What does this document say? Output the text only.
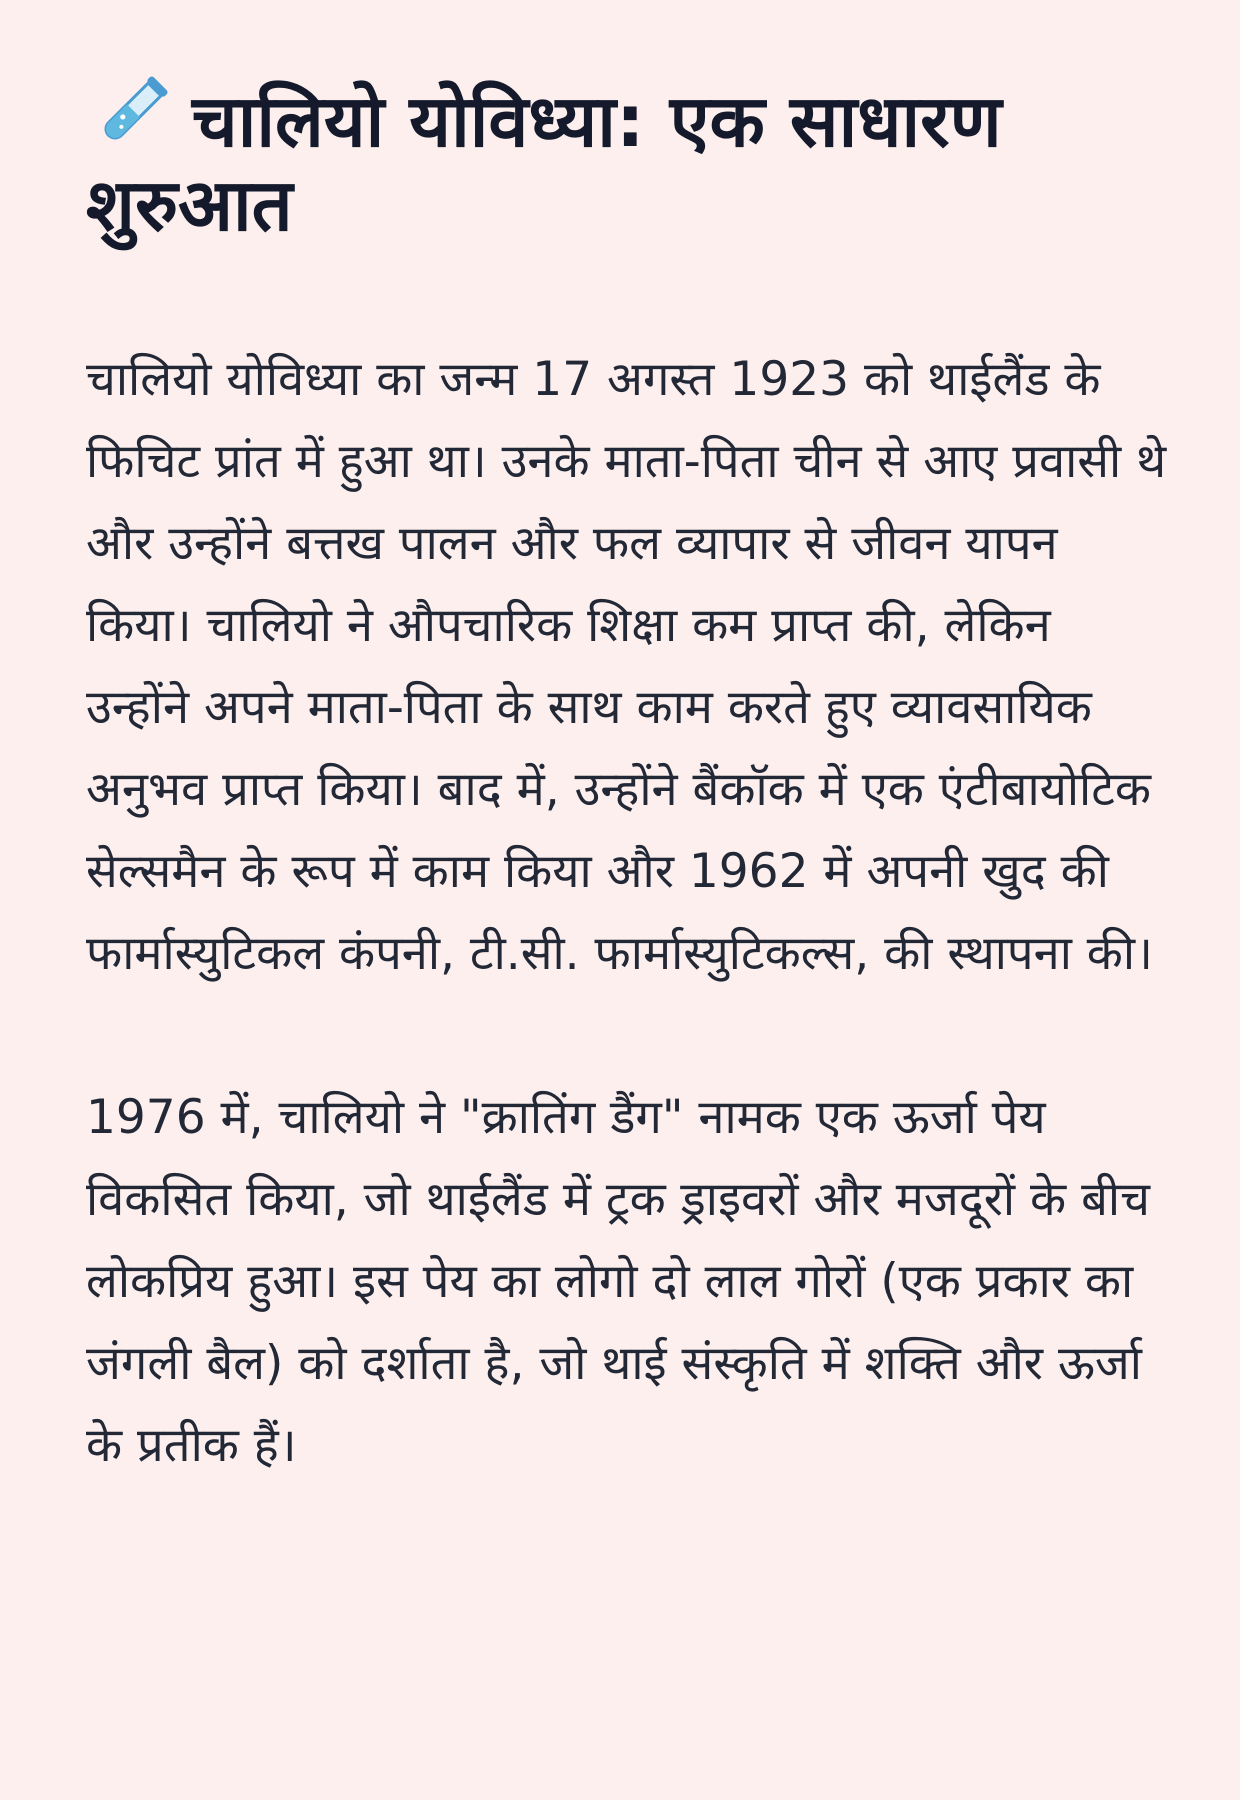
चालियो योविध्या: एक साधारण शुरुआत

चालियो योविध्या का जन्म 17 अगस्त 1923 को थाईलैंड के फिचिट प्रांत में हुआ था। उनके माता-पिता चीन से आए प्रवासी थे और उन्होंने बत्तख पालन और फल व्यापार से जीवन यापन किया। चालियो ने औपचारिक शिक्षा कम प्राप्त की, लेकिन उन्होंने अपने माता-पिता के साथ काम करते हुए व्यावसायिक अनुभव प्राप्त किया। बाद में, उन्होंने बैंकॉक में एक एंटीबायोटिक सेल्समैन के रूप में काम किया और 1962 में अपनी खुद की फार्मास्युटिकल कंपनी, टी.सी. फार्मास्युटिकल्स, की स्थापना की।

1976 में, चालियो ने "क्रातिंग डैंग" नामक एक ऊर्जा पेय विकसित किया, जो थाईलैंड में ट्रक ड्राइवरों और मजदूरों के बीच लोकप्रिय हुआ। इस पेय का लोगो दो लाल गोरों (एक प्रकार का जंगली बैल) को दर्शाता है, जो थाई संस्कृति में शक्ति और ऊर्जा के प्रतीक हैं।
